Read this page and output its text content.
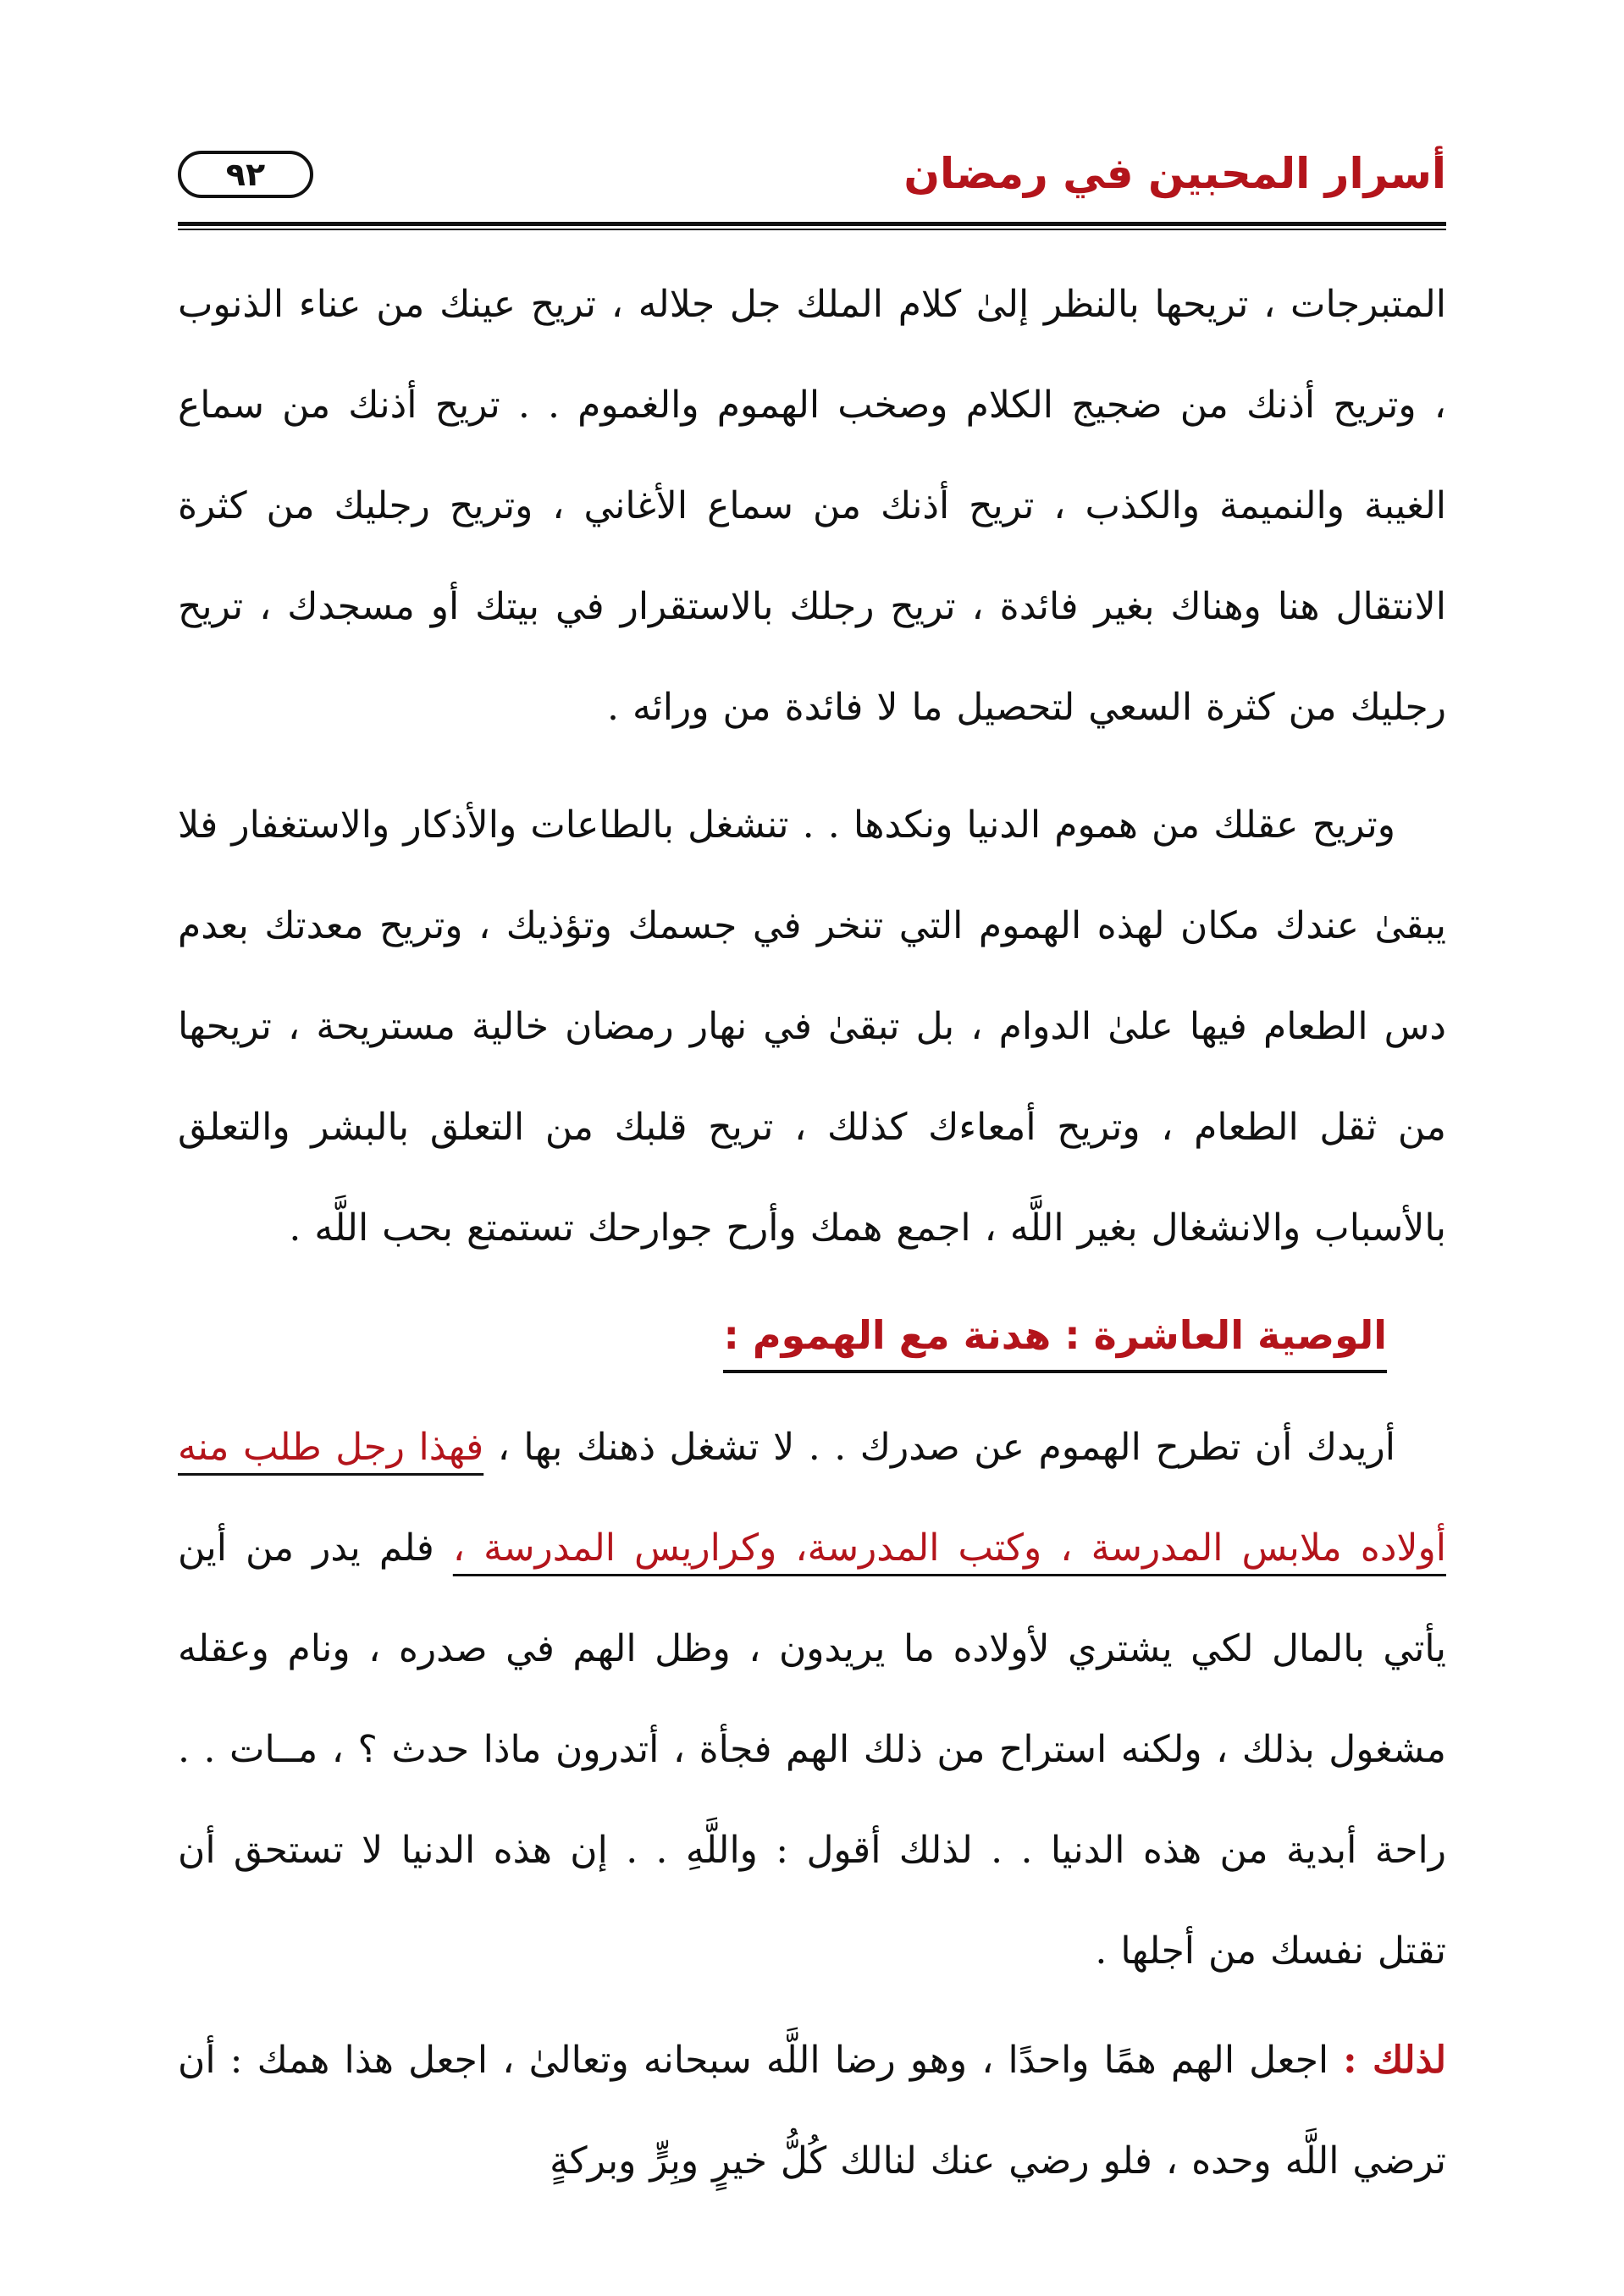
أسرار المحبين في رمضان
٩٢

المتبرجات ، تريحها بالنظر إلىٰ كلام الملك جل جلاله ، تريح عينك من عناء الذنوب ، وتريح أذنك من ضجيج الكلام وصخب الهموم والغموم . . تريح أذنك من سماع الغيبة والنميمة والكذب ، تريح أذنك من سماع الأغاني ، وتريح رجليك من كثرة الانتقال هنا وهناك بغير فائدة ، تريح رجلك بالاستقرار في بيتك أو مسجدك ، تريح رجليك من كثرة السعي لتحصيل ما لا فائدة من ورائه .

وتريح عقلك من هموم الدنيا ونكدها . . تنشغل بالطاعات والأذكار والاستغفار فلا يبقىٰ عندك مكان لهذه الهموم التي تنخر في جسمك وتؤذيك ، وتريح معدتك بعدم دس الطعام فيها علىٰ الدوام ، بل تبقىٰ في نهار رمضان خالية مستريحة ، تريحها من ثقل الطعام ، وتريح أمعاءك كذلك ، تريح قلبك من التعلق بالبشر والتعلق بالأسباب والانشغال بغير اللَّه ، اجمع همك وأرح جوارحك تستمتع بحب اللَّه .

الوصية العاشرة : هدنة مع الهموم :

أريدك أن تطرح الهموم عن صدرك . . لا تشغل ذهنك بها ، فهذا رجل طلب منه أولاده ملابس المدرسة ، وكتب المدرسة، وكراريس المدرسة ، فلم يدر من أين يأتي بالمال لكي يشتري لأولاده ما يريدون ، وظل الهم في صدره ، ونام وعقله مشغول بذلك ، ولكنه استراح من ذلك الهم فجأة ، أتدرون ماذا حدث ؟ ، مــات . . راحة أبدية من هذه الدنيا . . لذلك أقول : واللَّهِ . . إن هذه الدنيا لا تستحق أن تقتل نفسك من أجلها .

لذلك : اجعل الهم همًا واحدًا ، وهو رضا اللَّه سبحانه وتعالىٰ ، اجعل هذا همك : أن ترضي اللَّه وحده ، فلو رضي عنك لنالك كُلُّ خيرٍ وبِرٍّ وبركةٍ
